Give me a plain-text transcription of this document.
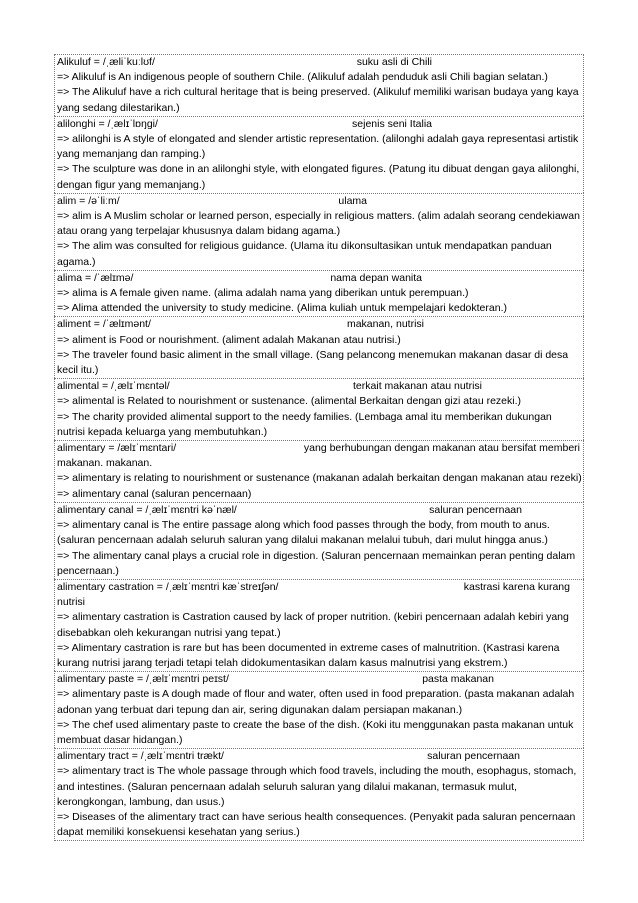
Alikuluf = /ˌæliˈkuːlʊf/	suku asli di Chili
=> Alikuluf is An indigenous people of southern Chile. (Alikuluf adalah penduduk asli Chili bagian selatan.)
=> The Alikuluf have a rich cultural heritage that is being preserved. (Alikuluf memiliki warisan budaya yang kaya yang sedang dilestarikan.)
alilonghi = /ˌælɪˈlɒŋɡi/	sejenis seni Italia
=> alilonghi is A style of elongated and slender artistic representation. (alilonghi adalah gaya representasi artistik yang memanjang dan ramping.)
=> The sculpture was done in an alilonghi style, with elongated figures. (Patung itu dibuat dengan gaya alilonghi, dengan figur yang memanjang.)
alim = /əˈliːm/	ulama
=> alim is A Muslim scholar or learned person, especially in religious matters. (alim adalah seorang cendekiawan atau orang yang terpelajar khususnya dalam bidang agama.)
=> The alim was consulted for religious guidance. (Ulama itu dikonsultasikan untuk mendapatkan panduan agama.)
alima = /ˈælɪmə/	nama depan wanita
=> alima is A female given name. (alima adalah nama yang diberikan untuk perempuan.)
=> Alima attended the university to study medicine. (Alima kuliah untuk mempelajari kedokteran.)
aliment = /ˈælɪmənt/	makanan, nutrisi
=> aliment is Food or nourishment. (aliment adalah Makanan atau nutrisi.)
=> The traveler found basic aliment in the small village. (Sang pelancong menemukan makanan dasar di desa kecil itu.)
alimental = /ˌælɪˈmɛntəl/	terkait makanan atau nutrisi
=> alimental is Related to nourishment or sustenance. (alimental Berkaitan dengan gizi atau rezeki.)
=> The charity provided alimental support to the needy families. (Lembaga amal itu memberikan dukungan nutrisi kepada keluarga yang membutuhkan.)
alimentary = /ælɪˈmɛntari/	yang berhubungan dengan makanan atau bersifat memberi
makanan. makanan.
=> alimentary is relating to nourishment or sustenance (makanan adalah berkaitan dengan makanan atau rezeki)
=> alimentary canal (saluran pencernaan)
alimentary canal = /ˌælɪˈmɛntri kəˈnæl/	saluran pencernaan
=> alimentary canal is The entire passage along which food passes through the body, from mouth to anus. (saluran pencernaan adalah seluruh saluran yang dilalui makanan melalui tubuh, dari mulut hingga anus.)
=> The alimentary canal plays a crucial role in digestion. (Saluran pencernaan memainkan peran penting dalam pencernaan.)
alimentary castration = /ˌælɪˈmɛntri kæˈstreɪʃən/	kastrasi karena kurang
nutrisi
=> alimentary castration is Castration caused by lack of proper nutrition. (kebiri pencernaan adalah kebiri yang disebabkan oleh kekurangan nutrisi yang tepat.)
=> Alimentary castration is rare but has been documented in extreme cases of malnutrition. (Kastrasi karena kurang nutrisi jarang terjadi tetapi telah didokumentasikan dalam kasus malnutrisi yang ekstrem.)
alimentary paste = /ˌælɪˈmɛntri peɪst/	pasta makanan
=> alimentary paste is A dough made of flour and water, often used in food preparation. (pasta makanan adalah adonan yang terbuat dari tepung dan air, sering digunakan dalam persiapan makanan.)
=> The chef used alimentary paste to create the base of the dish. (Koki itu menggunakan pasta makanan untuk membuat dasar hidangan.)
alimentary tract = /ˌælɪˈmɛntri trækt/	saluran pencernaan
=> alimentary tract is The whole passage through which food travels, including the mouth, esophagus, stomach, and intestines. (Saluran pencernaan adalah seluruh saluran yang dilalui makanan, termasuk mulut, kerongkongan, lambung, dan usus.)
=> Diseases of the alimentary tract can have serious health consequences. (Penyakit pada saluran pencernaan dapat memiliki konsekuensi kesehatan yang serius.)
